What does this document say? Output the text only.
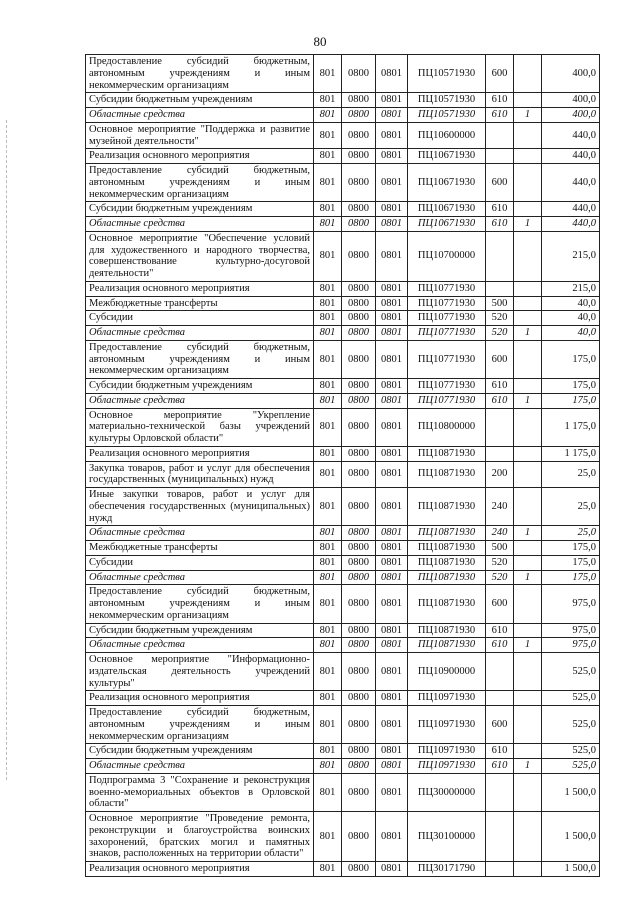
80
Предоставление субсидий бюджетным, автономным учреждениям и иным некоммерческим организациям	801	0800	0801	ПЦ10571930	600		400,0
Субсидии бюджетным учреждениям	801	0800	0801	ПЦ10571930	610		400,0
Областные средства	801	0800	0801	ПЦ10571930	610	1	400,0
Основное мероприятие "Поддержка и развитие музейной деятельности"	801	0800	0801	ПЦ10600000			440,0
Реализация основного мероприятия	801	0800	0801	ПЦ10671930			440,0
Предоставление субсидий бюджетным, автономным учреждениям и иным некоммерческим организациям	801	0800	0801	ПЦ10671930	600		440,0
Субсидии бюджетным учреждениям	801	0800	0801	ПЦ10671930	610		440,0
Областные средства	801	0800	0801	ПЦ10671930	610	1	440,0
Основное мероприятие "Обеспечение условий для художественного и народного творчества, совершенствование культурно-досуговой деятельности"	801	0800	0801	ПЦ10700000			215,0
Реализация основного мероприятия	801	0800	0801	ПЦ10771930			215,0
Межбюджетные трансферты	801	0800	0801	ПЦ10771930	500		40,0
Субсидии	801	0800	0801	ПЦ10771930	520		40,0
Областные средства	801	0800	0801	ПЦ10771930	520	1	40,0
Предоставление субсидий бюджетным, автономным учреждениям и иным некоммерческим организациям	801	0800	0801	ПЦ10771930	600		175,0
Субсидии бюджетным учреждениям	801	0800	0801	ПЦ10771930	610		175,0
Областные средства	801	0800	0801	ПЦ10771930	610	1	175,0
Основное мероприятие "Укрепление материально-технической базы учреждений культуры Орловской области"	801	0800	0801	ПЦ10800000			1 175,0
Реализация основного мероприятия	801	0800	0801	ПЦ10871930			1 175,0
Закупка товаров, работ и услуг для обеспечения государственных (муниципальных) нужд	801	0800	0801	ПЦ10871930	200		25,0
Иные закупки товаров, работ и услуг для обеспечения государственных (муниципальных) нужд	801	0800	0801	ПЦ10871930	240		25,0
Областные средства	801	0800	0801	ПЦ10871930	240	1	25,0
Межбюджетные трансферты	801	0800	0801	ПЦ10871930	500		175,0
Субсидии	801	0800	0801	ПЦ10871930	520		175,0
Областные средства	801	0800	0801	ПЦ10871930	520	1	175,0
Предоставление субсидий бюджетным, автономным учреждениям и иным некоммерческим организациям	801	0800	0801	ПЦ10871930	600		975,0
Субсидии бюджетным учреждениям	801	0800	0801	ПЦ10871930	610		975,0
Областные средства	801	0800	0801	ПЦ10871930	610	1	975,0
Основное мероприятие "Информационно-издательская деятельность учреждений культуры"	801	0800	0801	ПЦ10900000			525,0
Реализация основного мероприятия	801	0800	0801	ПЦ10971930			525,0
Предоставление субсидий бюджетным, автономным учреждениям и иным некоммерческим организациям	801	0800	0801	ПЦ10971930	600		525,0
Субсидии бюджетным учреждениям	801	0800	0801	ПЦ10971930	610		525,0
Областные средства	801	0800	0801	ПЦ10971930	610	1	525,0
Подпрограмма 3 "Сохранение и реконструкция военно-мемориальных объектов в Орловской области"	801	0800	0801	ПЦ30000000			1 500,0
Основное мероприятие "Проведение ремонта, реконструкции и благоустройства воинских захоронений, братских могил и памятных знаков, расположенных на территории области"	801	0800	0801	ПЦ30100000			1 500,0
Реализация основного мероприятия	801	0800	0801	ПЦ30171790			1 500,0
